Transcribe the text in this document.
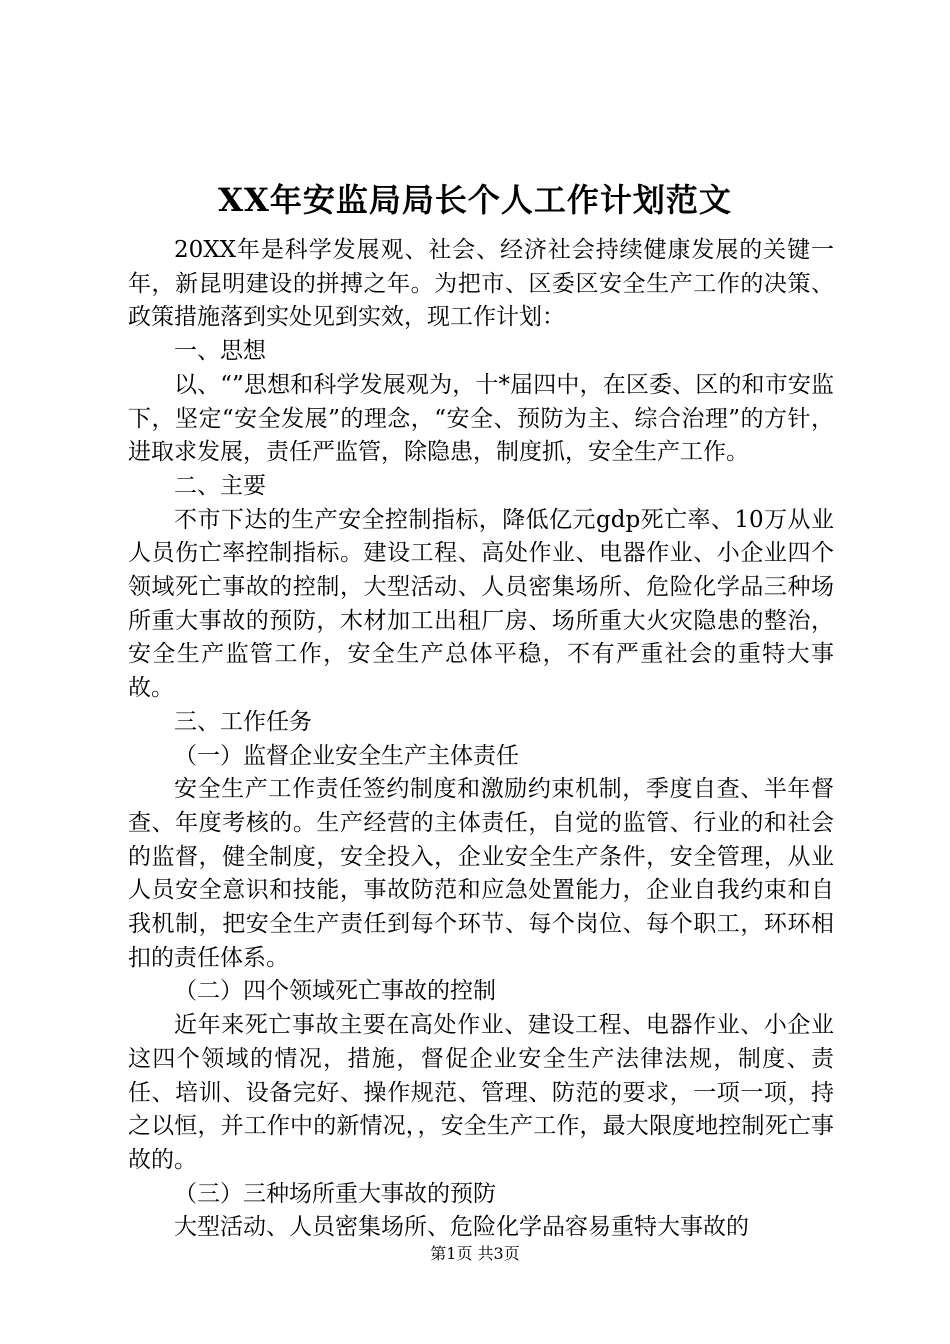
XX年安监局局长个人工作计划范文

20XX年是科学发展观、社会、经济社会持续健康发展的关键一年，新昆明建设的拼搏之年。为把市、区委区安全生产工作的决策、政策措施落到实处见到实效，现工作计划：

一、思想

以、“”思想和科学发展观为，十*届四中，在区委、区的和市安监下，坚定“安全发展”的理念，“安全、预防为主、综合治理”的方针，进取求发展，责任严监管，除隐患，制度抓，安全生产工作。

二、主要

不市下达的生产安全控制指标，降低亿元gdp死亡率、10万从业人员伤亡率控制指标。建设工程、高处作业、电器作业、小企业四个领域死亡事故的控制，大型活动、人员密集场所、危险化学品三种场所重大事故的预防，木材加工出租厂房、场所重大火灾隐患的整治，安全生产监管工作，安全生产总体平稳，不有严重社会的重特大事故。

三、工作任务

（一）监督企业安全生产主体责任

安全生产工作责任签约制度和激励约束机制，季度自查、半年督查、年度考核的。生产经营的主体责任，自觉的监管、行业的和社会的监督，健全制度，安全投入，企业安全生产条件，安全管理，从业人员安全意识和技能，事故防范和应急处置能力，企业自我约束和自我机制，把安全生产责任到每个环节、每个岗位、每个职工，环环相扣的责任体系。

（二）四个领域死亡事故的控制

近年来死亡事故主要在高处作业、建设工程、电器作业、小企业这四个领域的情况，措施，督促企业安全生产法律法规，制度、责任、培训、设备完好、操作规范、管理、防范的要求，一项一项，持之以恒，并工作中的新情况，，安全生产工作，最大限度地控制死亡事故的。

（三）三种场所重大事故的预防

大型活动、人员密集场所、危险化学品容易重特大事故的

第1页 共3页
